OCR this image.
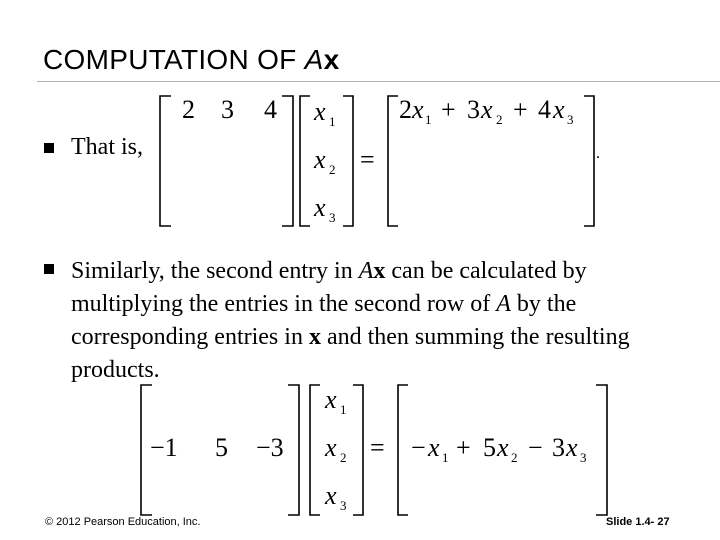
COMPUTATION OF Ax
That is,
2 3 4 x 1
x 2
x 3
=
2 x 1 + 3 x 2 + 4 x 3
.
Similarly, the second entry in Ax can be calculated by multiplying the entries in the second row of A by the corresponding entries in x and then summing the resulting products.
−1 5 −3
x 1
x 2
x 3
= − x 1 + 5 x 2 − 3 x 3
© 2012 Pearson Education, Inc.	Slide 1.4- 27
